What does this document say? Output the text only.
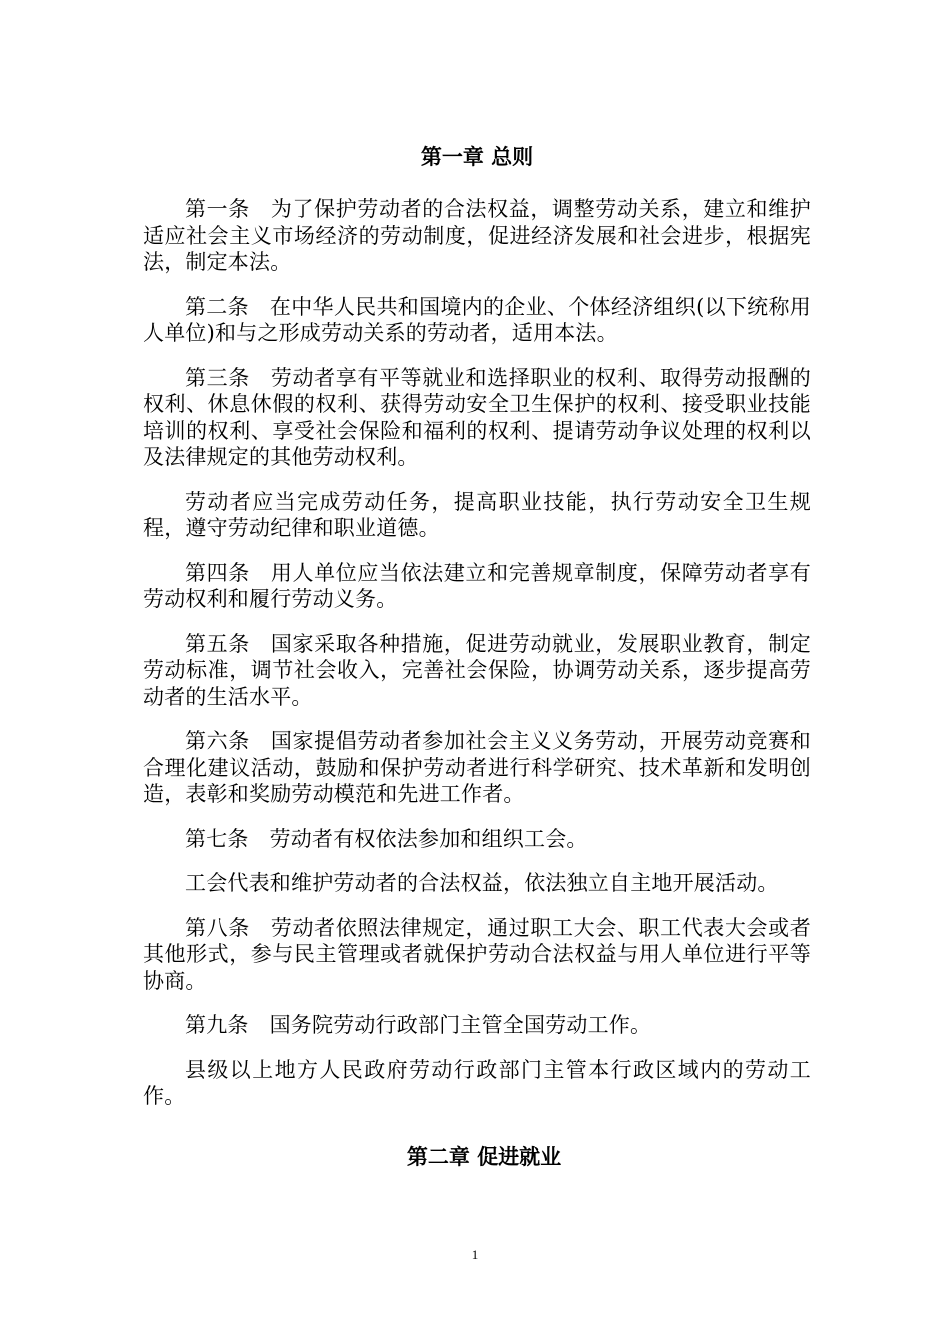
第一章 总则

第一条 为了保护劳动者的合法权益，调整劳动关系，建立和维护适应社会主义市场经济的劳动制度，促进经济发展和社会进步，根据宪法，制定本法。

第二条 在中华人民共和国境内的企业、个体经济组织(以下统称用人单位)和与之形成劳动关系的劳动者，适用本法。

第三条 劳动者享有平等就业和选择职业的权利、取得劳动报酬的权利、休息休假的权利、获得劳动安全卫生保护的权利、接受职业技能培训的权利、享受社会保险和福利的权利、提请劳动争议处理的权利以及法律规定的其他劳动权利。

劳动者应当完成劳动任务，提高职业技能，执行劳动安全卫生规程，遵守劳动纪律和职业道德。

第四条 用人单位应当依法建立和完善规章制度，保障劳动者享有劳动权利和履行劳动义务。

第五条 国家采取各种措施，促进劳动就业，发展职业教育，制定劳动标准，调节社会收入，完善社会保险，协调劳动关系，逐步提高劳动者的生活水平。

第六条 国家提倡劳动者参加社会主义义务劳动，开展劳动竞赛和合理化建议活动，鼓励和保护劳动者进行科学研究、技术革新和发明创造，表彰和奖励劳动模范和先进工作者。

第七条 劳动者有权依法参加和组织工会。

工会代表和维护劳动者的合法权益，依法独立自主地开展活动。

第八条 劳动者依照法律规定，通过职工大会、职工代表大会或者其他形式，参与民主管理或者就保护劳动合法权益与用人单位进行平等协商。

第九条 国务院劳动行政部门主管全国劳动工作。

县级以上地方人民政府劳动行政部门主管本行政区域内的劳动工作。

第二章 促进就业
1
